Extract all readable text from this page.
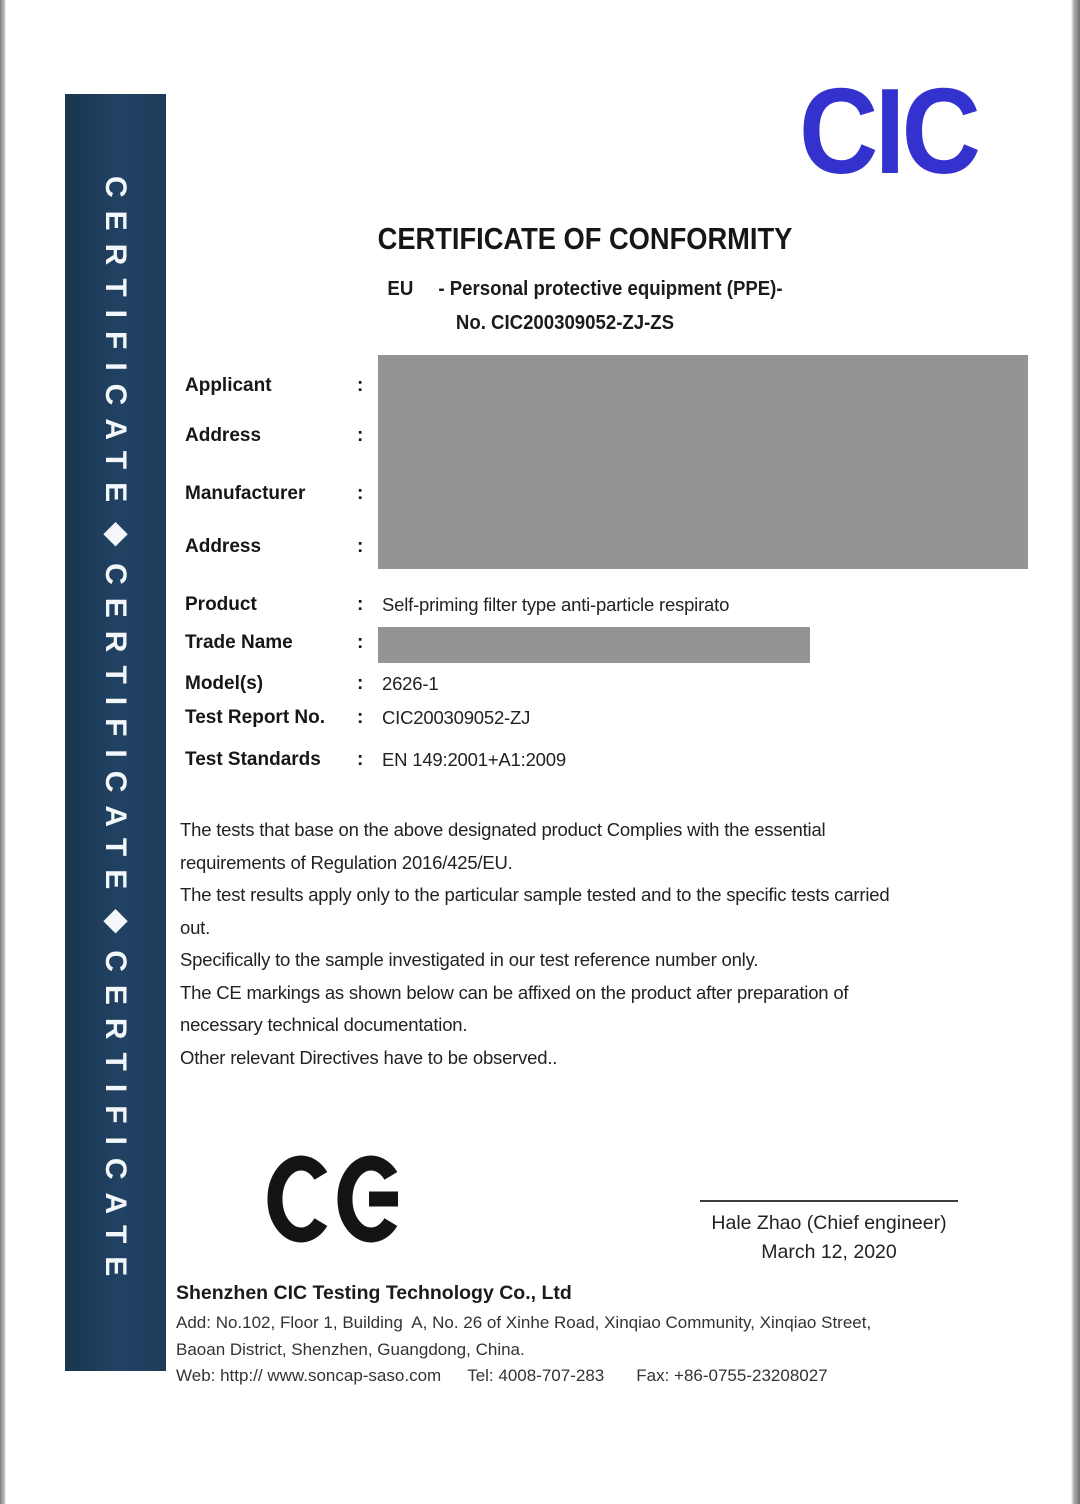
CERTIFICATE◆CERTIFICATE◆CERTIFICATE
CIC
CERTIFICATE OF CONFORMITY
EU - Personal protective equipment (PPE)-
No. CIC200309052-ZJ-ZS
Applicant	:
Address	:
Manufacturer	:
Address	:
Product	: Self-priming filter type anti-particle respirato
Trade Name	:
Model(s)	: 2626-1
Test Report No. : CIC200309052-ZJ
Test Standards : EN 149:2001+A1:2009
The tests that base on the above designated product Complies with the essential
requirements of Regulation 2016/425/EU.
The test results apply only to the particular sample tested and to the specific tests carried
out.
Specifically to the sample investigated in our test reference number only.
The CE markings as shown below can be affixed on the product after preparation of
necessary technical documentation.
Other relevant Directives have to be observed..
Hale Zhao (Chief engineer)
March 12, 2020
Shenzhen CIC Testing Technology Co., Ltd
Add: No.102, Floor 1, Building  A, No. 26 of Xinhe Road, Xinqiao Community, Xinqiao Street,
Baoan District, Shenzhen, Guangdong, China.
Web: http:// www.soncap-saso.com Tel: 4008-707-283 Fax: +86-0755-23208027
